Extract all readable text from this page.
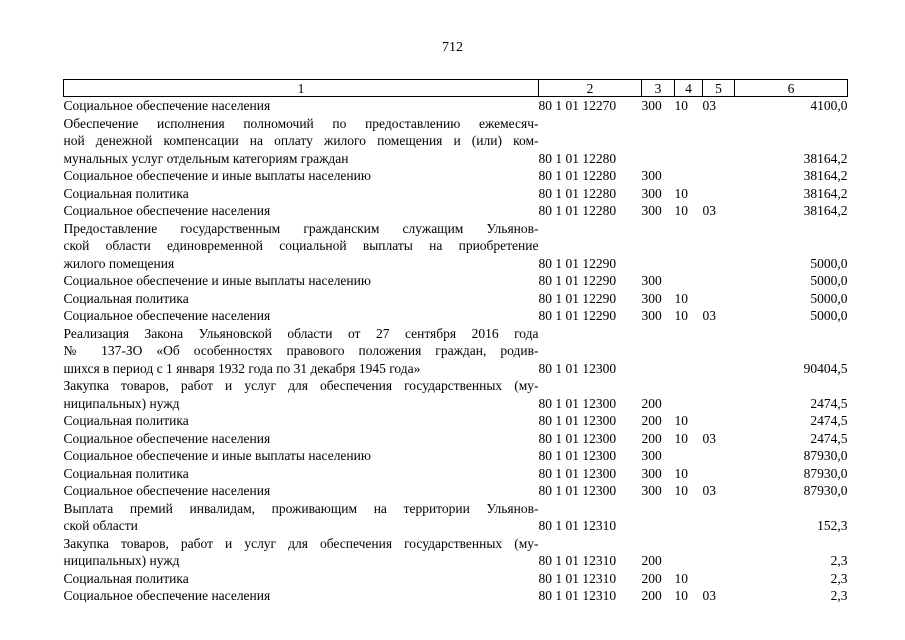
712
1	2	3	4	5	6
Социальное обеспечение населения	80 1 01 12270	300	10	03	4100,0

Обеспечение исполнения полномочий по предоставлению ежемесяч-
ной денежной компенсации на оплату жилого помещения и (или) ком-
мунальных услуг отдельным категориям граждан	80 1 01 12280				38164,2
Социальное обеспечение и иные выплаты населению	80 1 01 12280	300			38164,2
Социальная политика	80 1 01 12280	300	10		38164,2
Социальное обеспечение населения	80 1 01 12280	300	10	03	38164,2

Предоставление государственным гражданским служащим Ульянов-
ской области единовременной социальной выплаты на приобретение
жилого помещения	80 1 01 12290				5000,0
Социальное обеспечение и иные выплаты населению	80 1 01 12290	300			5000,0
Социальная политика	80 1 01 12290	300	10		5000,0
Социальное обеспечение населения	80 1 01 12290	300	10	03	5000,0

Реализация Закона Ульяновской области от 27 сентября 2016 года
№ 137-ЗО «Об особенностях правового положения граждан, родив-
шихся в период с 1 января 1932 года по 31 декабря 1945 года»	80 1 01 12300				90404,5

Закупка товаров, работ и услуг для обеспечения государственных (му-
ниципальных) нужд	80 1 01 12300	200			2474,5
Социальная политика	80 1 01 12300	200	10		2474,5
Социальное обеспечение населения	80 1 01 12300	200	10	03	2474,5
Социальное обеспечение и иные выплаты населению	80 1 01 12300	300			87930,0
Социальная политика	80 1 01 12300	300	10		87930,0
Социальное обеспечение населения	80 1 01 12300	300	10	03	87930,0

Выплата премий инвалидам, проживающим на территории Ульянов-
ской области	80 1 01 12310				152,3

Закупка товаров, работ и услуг для обеспечения государственных (му-
ниципальных) нужд	80 1 01 12310	200			2,3
Социальная политика	80 1 01 12310	200	10		2,3
Социальное обеспечение населения	80 1 01 12310	200	10	03	2,3
